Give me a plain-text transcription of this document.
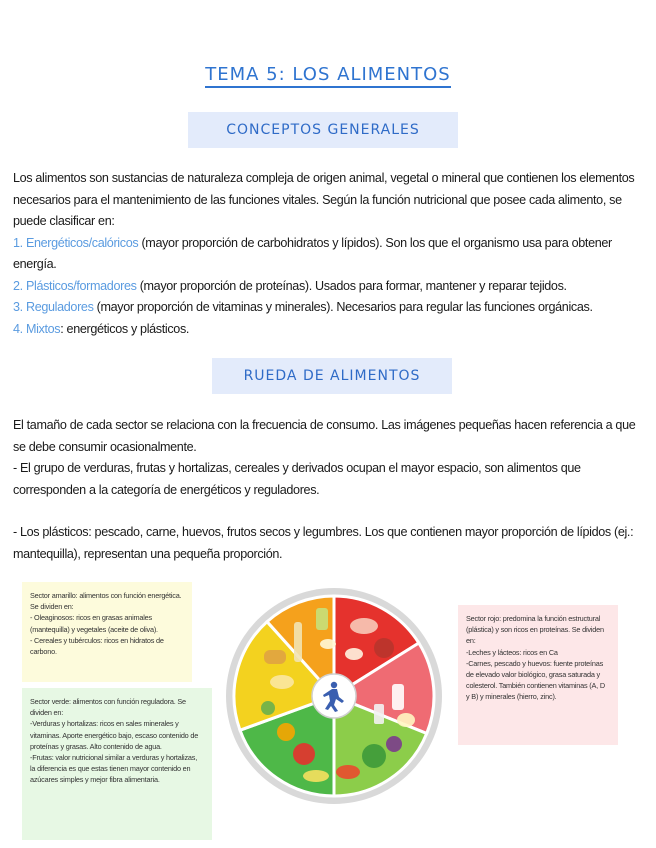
TEMA 5: LOS ALIMENTOS
CONCEPTOS GENERALES
Los alimentos son sustancias de naturaleza compleja de origen animal, vegetal o mineral que contienen los elementos necesarios para el mantenimiento de las funciones vitales. Según la función nutricional que posee cada alimento, se puede clasificar en:
1. Energéticos/calóricos (mayor proporción de carbohidratos y lípidos). Son los que el organismo usa para obtener energía.
2. Plásticos/formadores (mayor proporción de proteínas). Usados para formar, mantener y reparar tejidos.
3. Reguladores (mayor proporción de vitaminas y minerales). Necesarios para regular las funciones orgánicas.
4. Mixtos: energéticos y plásticos.
RUEDA DE ALIMENTOS
El tamaño de cada sector se relaciona con la frecuencia de consumo. Las imágenes pequeñas hacen referencia a que se debe consumir ocasionalmente.
- El grupo de verduras, frutas y hortalizas, cereales y derivados ocupan el mayor espacio, son alimentos que corresponden a la categoría de energéticos y reguladores.
- Los plásticos: pescado, carne, huevos, frutos secos y legumbres. Los que contienen mayor proporción de lípidos (ej.: mantequilla), representan una pequeña proporción.

Sector amarillo: alimentos con función energética. Se dividen en:

- Oleaginosos: ricos en grasas animales (mantequilla) y vegetales (aceite de oliva).

- Cereales y tubérculos: ricos en hidratos de carbono.

Sector verde: alimentos con función reguladora. Se dividen en:

-Verduras y hortalizas: ricos en sales minerales y vitaminas. Aporte energético bajo, escaso contenido de proteínas y grasas. Alto contenido de agua.

-Frutas: valor nutricional similar a verduras y hortalizas, la diferencia es que estas tienen mayor contenido en azúcares simples y mejor fibra alimentaria.

Sector rojo: predomina la función estructural (plástica) y son ricos en proteínas. Se dividen en:

-Leches y lácteos: ricos en Ca

-Carnes, pescado y huevos: fuente proteínas de elevado valor biológico, grasa saturada y colesterol. También contienen vitaminas (A, D y B) y minerales (hierro, zinc).
